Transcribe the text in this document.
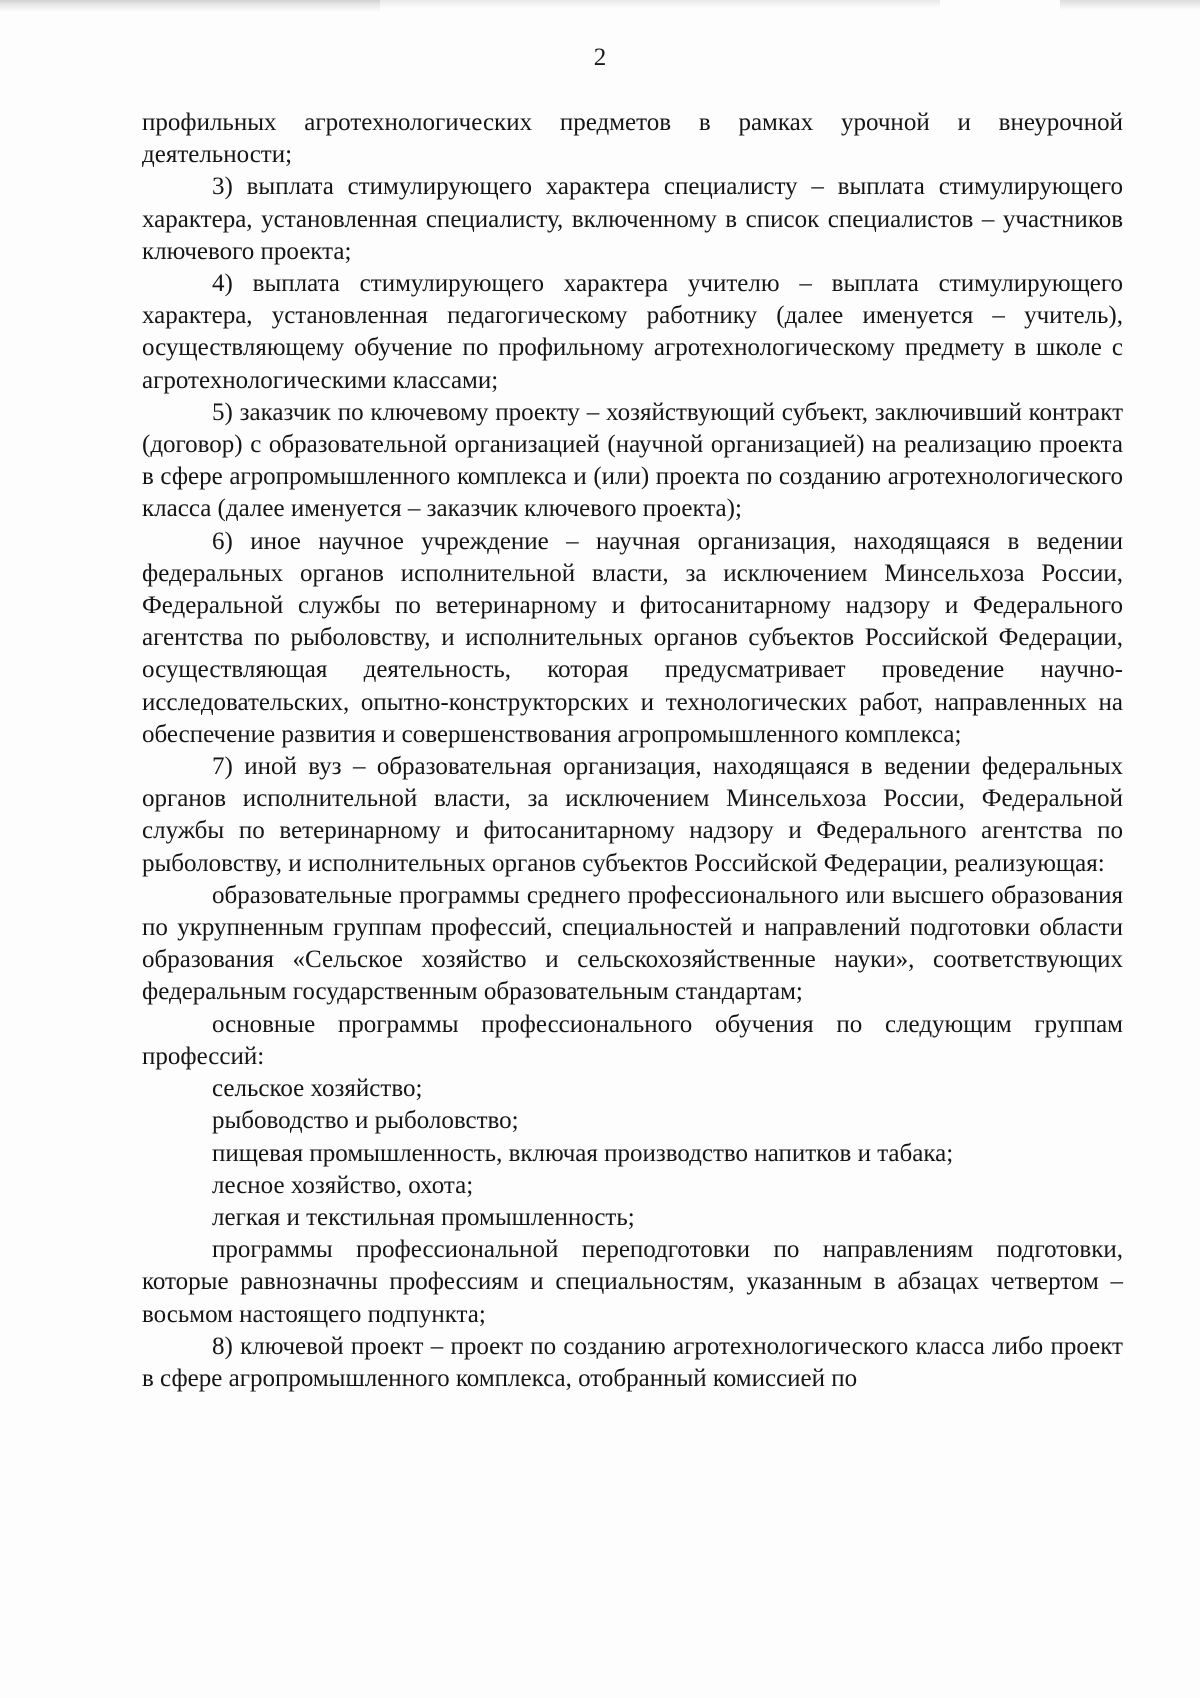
2

профильных агротехнологических предметов в рамках урочной и внеурочной деятельности;

3) выплата стимулирующего характера специалисту – выплата стимулирующего характера, установленная специалисту, включенному в список специалистов – участников ключевого проекта;

4) выплата стимулирующего характера учителю – выплата стимулирующего характера, установленная педагогическому работнику (далее именуется – учитель), осуществляющему обучение по профильному агротехнологическому предмету в школе с агротехнологическими классами;

5) заказчик по ключевому проекту – хозяйствующий субъект, заключивший контракт (договор) с образовательной организацией (научной организацией) на реализацию проекта в сфере агропромышленного комплекса и (или) проекта по созданию агротехнологического класса (далее именуется – заказчик ключевого проекта);

6) иное научное учреждение – научная организация, находящаяся в ведении федеральных органов исполнительной власти, за исключением Минсельхоза России, Федеральной службы по ветеринарному и фитосанитарному надзору и Федерального агентства по рыболовству, и исполнительных органов субъектов Российской Федерации, осуществляющая деятельность, которая предусматривает проведение научно-исследовательских, опытно-конструкторских и технологических работ, направленных на обеспечение развития и совершенствования агропромышленного комплекса;

7) иной вуз – образовательная организация, находящаяся в ведении федеральных органов исполнительной власти, за исключением Минсельхоза России, Федеральной службы по ветеринарному и фитосанитарному надзору и Федерального агентства по рыболовству, и исполнительных органов субъектов Российской Федерации, реализующая:

образовательные программы среднего профессионального или высшего образования по укрупненным группам профессий, специальностей и направлений подготовки области образования «Сельское хозяйство и сельскохозяйственные науки», соответствующих федеральным государственным образовательным стандартам;

основные программы профессионального обучения по следующим группам профессий:

сельское хозяйство;

рыбоводство и рыболовство;

пищевая промышленность, включая производство напитков и табака;

лесное хозяйство, охота;

легкая и текстильная промышленность;

программы профессиональной переподготовки по направлениям подготовки, которые равнозначны профессиям и специальностям, указанным в абзацах четвертом – восьмом настоящего подпункта;

8) ключевой проект – проект по созданию агротехнологического класса либо проект в сфере агропромышленного комплекса, отобранный комиссией по
